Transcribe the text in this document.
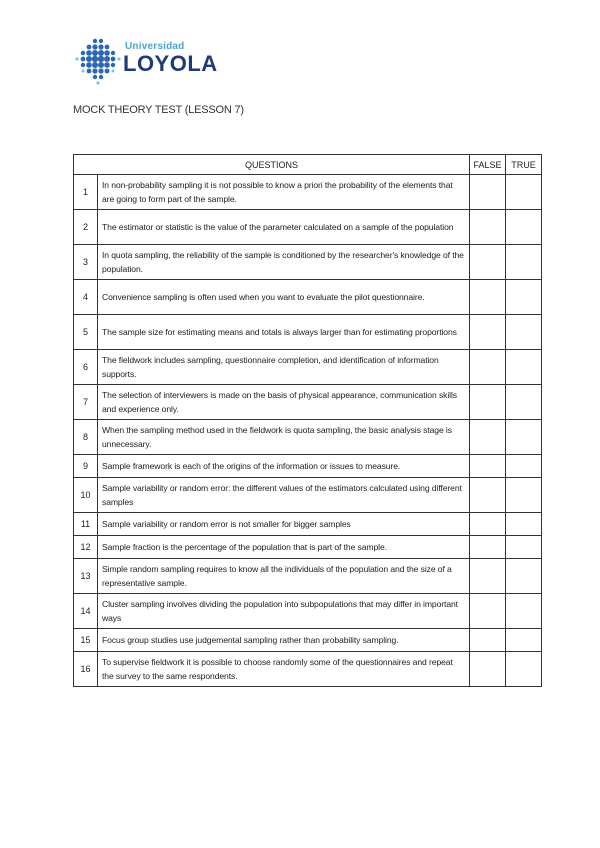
Universidad
LOYOLA
MOCK THEORY TEST (LESSON 7)
QUESTIONS		FALSE	TRUE
1	In non-probability sampling it is not possible to know a priori the probability of the elements that are going to form part of the sample.		
2	The estimator or statistic is the value of the parameter calculated on a sample of the population		
3	In quota sampling, the reliability of the sample is conditioned by the researcher's knowledge of the population.		
4	Convenience sampling is often used when you want to evaluate the pilot questionnaire.		
5	The sample size for estimating means and totals is always larger than for estimating proportions		
6	The fieldwork includes sampling, questionnaire completion, and identification of information supports.		
7	The selection of interviewers is made on the basis of physical appearance, communication skills and experience only.		
8	When the sampling method used in the fieldwork is quota sampling, the basic analysis stage is unnecessary.		
9	Sample framework is each of the origins of the information or issues to measure.		
10	Sample variability or random error: the different values of the estimators calculated using different samples		
11	Sample variability or random error is not smaller for bigger samples		
12	Sample fraction is the percentage of the population that is part of the sample.		
13	Simple random sampling requires to know all the individuals of the population and the size of a representative sample.		
14	Cluster sampling involves dividing the population into subpopulations that may differ in important ways		
15	Focus group studies use judgemental sampling rather than probability sampling.		
16	To supervise fieldwork it is possible to choose randomly some of the questionnaires and repeat the survey to the same respondents.		
